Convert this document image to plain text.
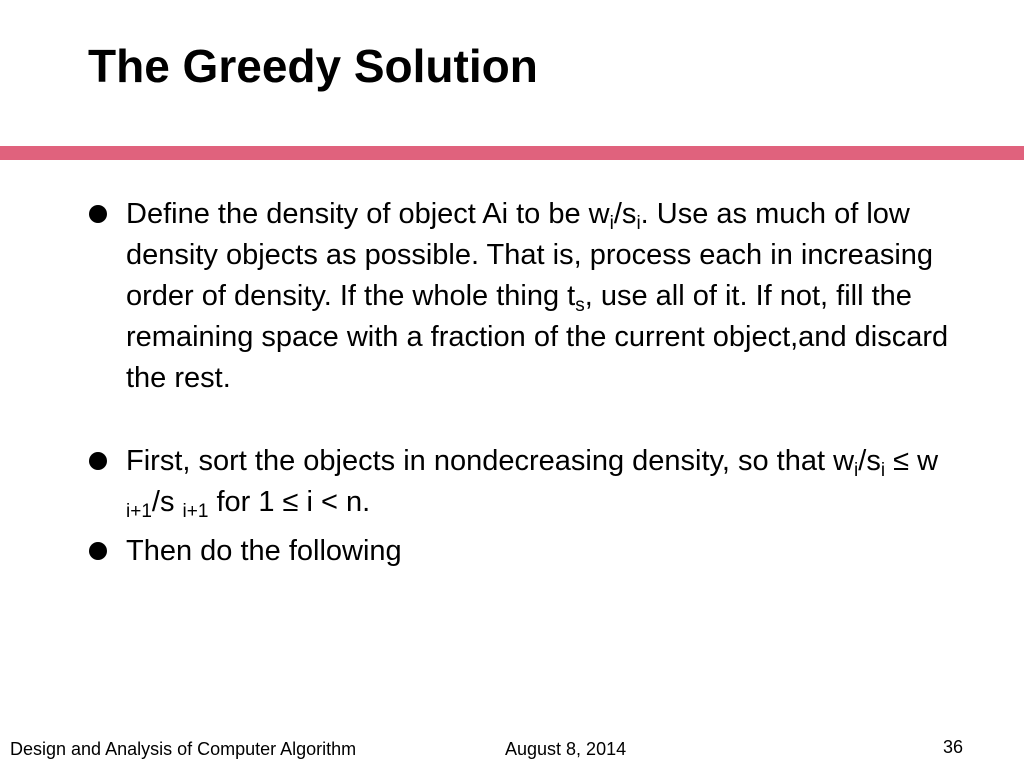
The Greedy Solution
Define the density of object Ai to be $w_i/s_i$. Use as much of low density objects as possible. That is, process each in increasing order of density. If the whole thing $t_s$, use all of it. If not, fill the remaining space with a fraction of the current object,and discard the rest.
First, sort the objects in nondecreasing density, so that $w_i/s_i \le w$ $_{i+1}$/s $_{i+1}$ for 1 ≤ i < n.
Then do the following
Design and Analysis of Computer Algorithm	August 8, 2014	36
